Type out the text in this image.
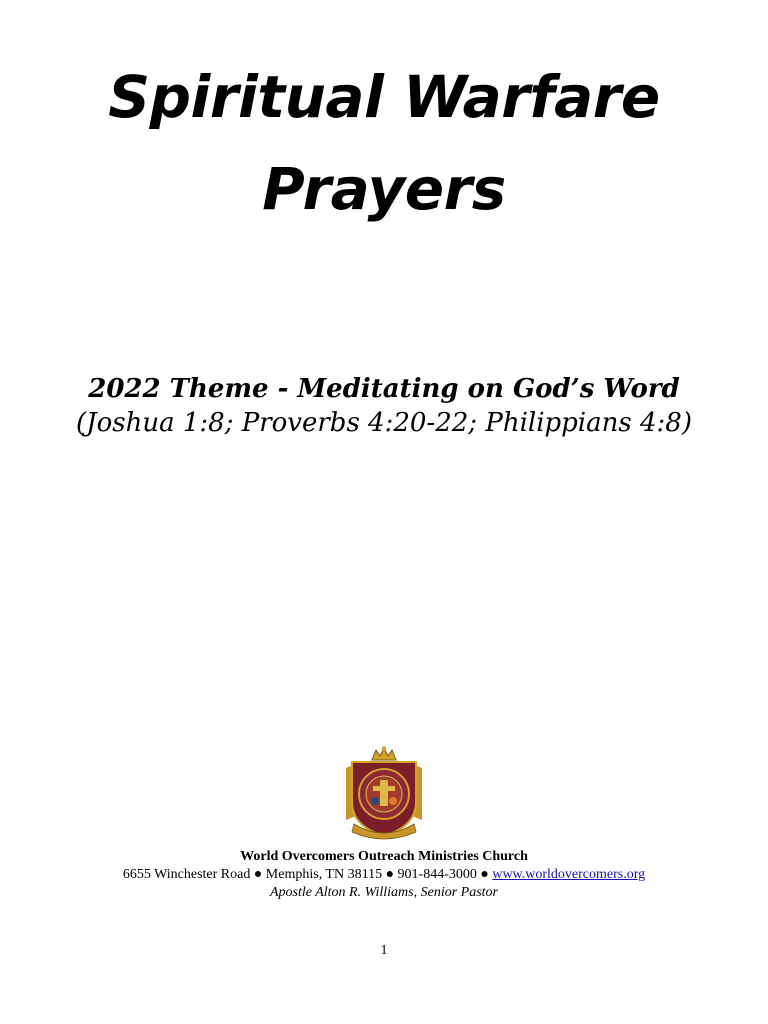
Spiritual Warfare
Prayers
2022 Theme - Meditating on God’s Word
(Joshua 1:8; Proverbs 4:20-22; Philippians 4:8)
World Overcomers Outreach Ministries Church
6655 Winchester Road ● Memphis, TN 38115 ● 901-844-3000 ● www.worldovercomers.org
Apostle Alton R. Williams, Senior Pastor
1
